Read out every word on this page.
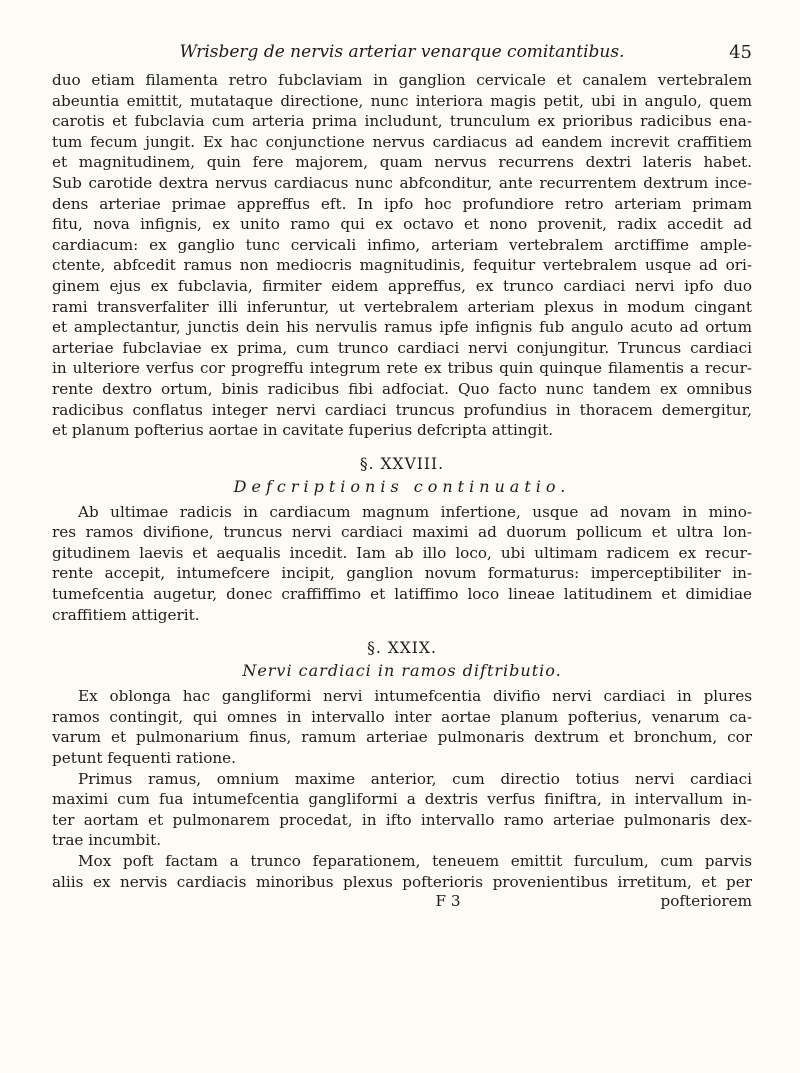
Wrisberg de nervis arteriar venarque comitantibus.	45
duo etiam filamenta retro fubclaviam in ganglion cervicale et canalem vertebralem
abeuntia emittit, mutataque directione, nunc interiora magis petit, ubi in angulo, quem
carotis et fubclavia cum arteria prima includunt, trunculum ex prioribus radicibus ena-
tum fecum jungit. Ex hac conjunctione nervus cardiacus ad eandem increvit craffitiem
et magnitudinem, quin fere majorem, quam nervus recurrens dextri lateris habet.
Sub carotide dextra nervus cardiacus nunc abfconditur, ante recurrentem dextrum ince-
dens arteriae primae appreffus eft. In ipfo hoc profundiore retro arteriam primam
fitu, nova infignis, ex unito ramo qui ex octavo et nono provenit, radix accedit ad
cardiacum: ex ganglio tunc cervicali infimo, arteriam vertebralem arctiffime ample-
ctente, abfcedit ramus non mediocris magnitudinis, fequitur vertebralem usque ad ori-
ginem ejus ex fubclavia, firmiter eidem appreffus, ex trunco cardiaci nervi ipfo duo
rami transverfaliter illi inferuntur, ut vertebralem arteriam plexus in modum cingant
et amplectantur, junctis dein his nervulis ramus ipfe infignis fub angulo acuto ad ortum
arteriae fubclaviae ex prima, cum trunco cardiaci nervi conjungitur. Truncus cardiaci
in ulteriore verfus cor progreffu integrum rete ex tribus quin quinque filamentis a recur-
rente dextro ortum, binis radicibus fibi adfociat. Quo facto nunc tandem ex omnibus
radicibus conflatus integer nervi cardiaci truncus profundius in thoracem demergitur,
et planum pofterius aortae in cavitate fuperius defcripta attingit.
§. XXVIII.
Defcriptionis continuatio.
Ab ultimae radicis in cardiacum magnum infertione, usque ad novam in mino-
res ramos divifione, truncus nervi cardiaci maximi ad duorum pollicum et ultra lon-
gitudinem laevis et aequalis incedit. Iam ab illo loco, ubi ultimam radicem ex recur-
rente accepit, intumefcere incipit, ganglion novum formaturus: imperceptibiliter in-
tumefcentia augetur, donec craffiffimo et latiffimo loco lineae latitudinem et dimidiae
craffitiem attigerit.
§. XXIX.
Nervi cardiaci in ramos diftributio.
Ex oblonga hac gangliformi nervi intumefcentia divifio nervi cardiaci in plures
ramos contingit, qui omnes in intervallo inter aortae planum pofterius, venarum ca-
varum et pulmonarium finus, ramum arteriae pulmonaris dextrum et bronchum, cor
petunt fequenti ratione.
Primus ramus, omnium maxime anterior, cum directio totius nervi cardiaci
maximi cum fua intumefcentia gangliformi a dextris verfus finiftra, in intervallum in-
ter aortam et pulmonarem procedat, in ifto intervallo ramo arteriae pulmonaris dex-
trae incumbit.
Mox poft factam a trunco feparationem, teneuem emittit furculum, cum parvis
aliis ex nervis cardiacis minoribus plexus pofterioris provenientibus irretitum, et per
F 3	pofteriorem
